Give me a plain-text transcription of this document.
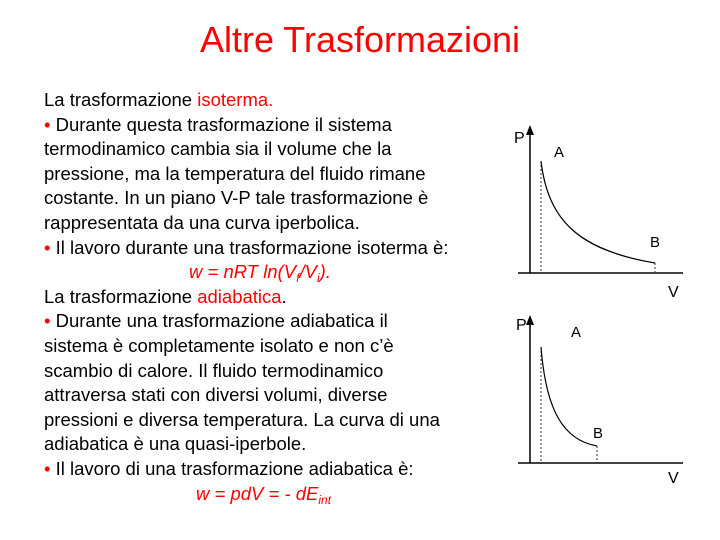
Altre Trasformazioni
La trasformazione isoterma.
• Durante questa trasformazione il sistema
termodinamico cambia sia il volume che la
pressione, ma la temperatura del fluido rimane
costante. In un piano V-P tale trasformazione è
rappresentata da una curva iperbolica.
• Il lavoro durante una trasformazione isoterma è:
w = nRT $\ln(V_f/V_i)$.
La trasformazione adiabatica.
• Durante una trasformazione adiabatica il
sistema è completamente isolato e non c’è
scambio di calore. Il fluido termodinamico
attraversa stati con diversi volumi, diverse
pressioni e diversa temperatura. La curva di una
adiabatica è una quasi-iperbole.
• Il lavoro di una trasformazione adiabatica è:
w = pdV = - $dE_{int}$
P
V
A
B
P
V
A
B
